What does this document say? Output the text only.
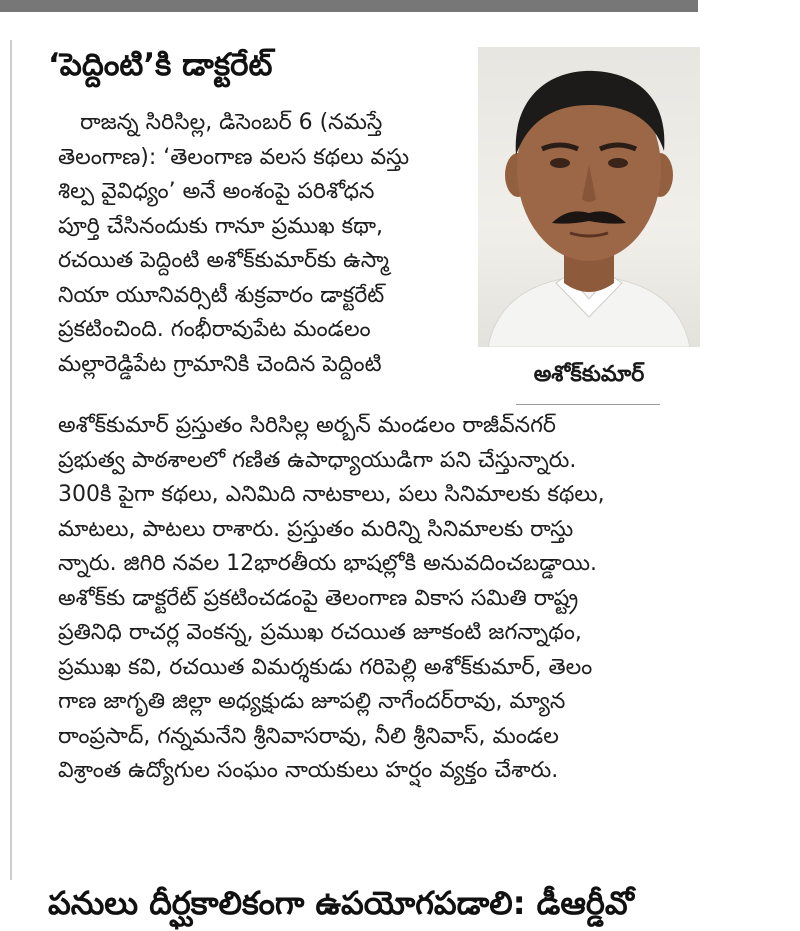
‘పెద్దింటి’కి డాక్టరేట్
రాజన్న సిరిసిల్ల, డిసెంబర్ 6 (నమస్తే
తెలంగాణ): ‘తెలంగాణ వలస కథలు వస్తు
శిల్ప వైవిధ్యం’ అనే అంశంపై పరిశోధన
పూర్తి చేసినందుకు గానూ ప్రముఖ కథా,
రచయిత పెద్దింటి అశోక్‌కుమార్‌కు ఉస్మా
నియా యూనివర్సిటీ శుక్రవారం డాక్టరేట్
ప్రకటించింది. గంభీరావుపేట మండలం
మల్లారెడ్డిపేట గ్రామానికి చెందిన పెద్దింటి	అశోక్‌కుమార్
అశోక్‌కుమార్ ప్రస్తుతం సిరిసిల్ల అర్బన్ మండలం రాజీవ్‌నగర్
ప్రభుత్వ పాఠశాలలో గణిత ఉపాధ్యాయుడిగా పని చేస్తున్నారు.
300కి పైగా కథలు, ఎనిమిది నాటకాలు, పలు సినిమాలకు కథలు,
మాటలు, పాటలు రాశారు. ప్రస్తుతం మరిన్ని సినిమాలకు రాస్తు
న్నారు. జిగిరి నవల 12భారతీయ భాషల్లోకి అనువదించబడ్డాయి.
అశోక్‌కు డాక్టరేట్ ప్రకటించడంపై తెలంగాణ వికాస సమితి రాష్ట్ర
ప్రతినిధి రాచర్ల వెంకన్న, ప్రముఖ రచయిత జూకంటి జగన్నాథం,
ప్రముఖ కవి, రచయిత విమర్శకుడు గరిపెల్లి అశోక్‌కుమార్, తెలం
గాణ జాగృతి జిల్లా అధ్యక్షుడు జూపల్లి నాగేందర్‌రావు, మ్యాన
రాంప్రసాద్, గన్నమనేని శ్రీనివాసరావు, నీలి శ్రీనివాస్, మండల
విశ్రాంత ఉద్యోగుల సంఘం నాయకులు హర్షం వ్యక్తం చేశారు.
పనులు దీర్ఘకాలికంగా ఉపయోగపడాలి: డీఆర్డీవో
